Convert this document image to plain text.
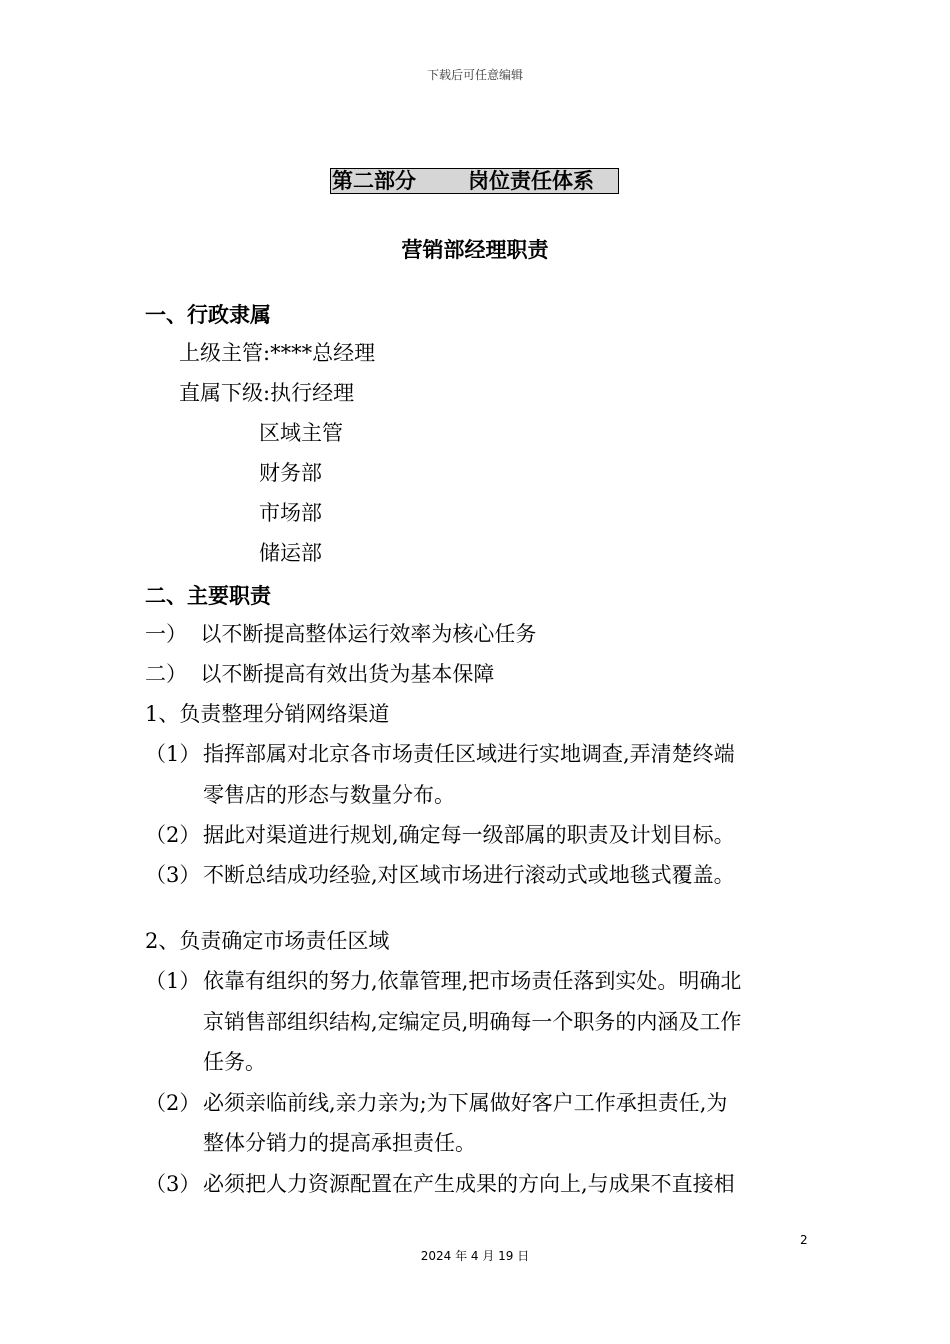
下载后可任意编辑
第二部分 岗位责任体系
营销部经理职责
一、行政隶属
上级主管:****总经理
直属下级:执行经理
区域主管
财务部
市场部
储运部
二、主要职责
一）  以不断提高整体运行效率为核心任务
二）  以不断提高有效出货为基本保障
1、负责整理分销网络渠道
（1） 指挥部属对北京各市场责任区域进行实地调查,弄清楚终端
零售店的形态与数量分布。
（2） 据此对渠道进行规划,确定每一级部属的职责及计划目标。
（3） 不断总结成功经验,对区域市场进行滚动式或地毯式覆盖。
2、负责确定市场责任区域
（1） 依靠有组织的努力,依靠管理,把市场责任落到实处。明确北
京销售部组织结构,定编定员,明确每一个职务的内涵及工作
任务。
（2） 必须亲临前线,亲力亲为;为下属做好客户工作承担责任,为
整体分销力的提高承担责任。
（3） 必须把人力资源配置在产生成果的方向上,与成果不直接相
2
2024 年 4 月 19 日
